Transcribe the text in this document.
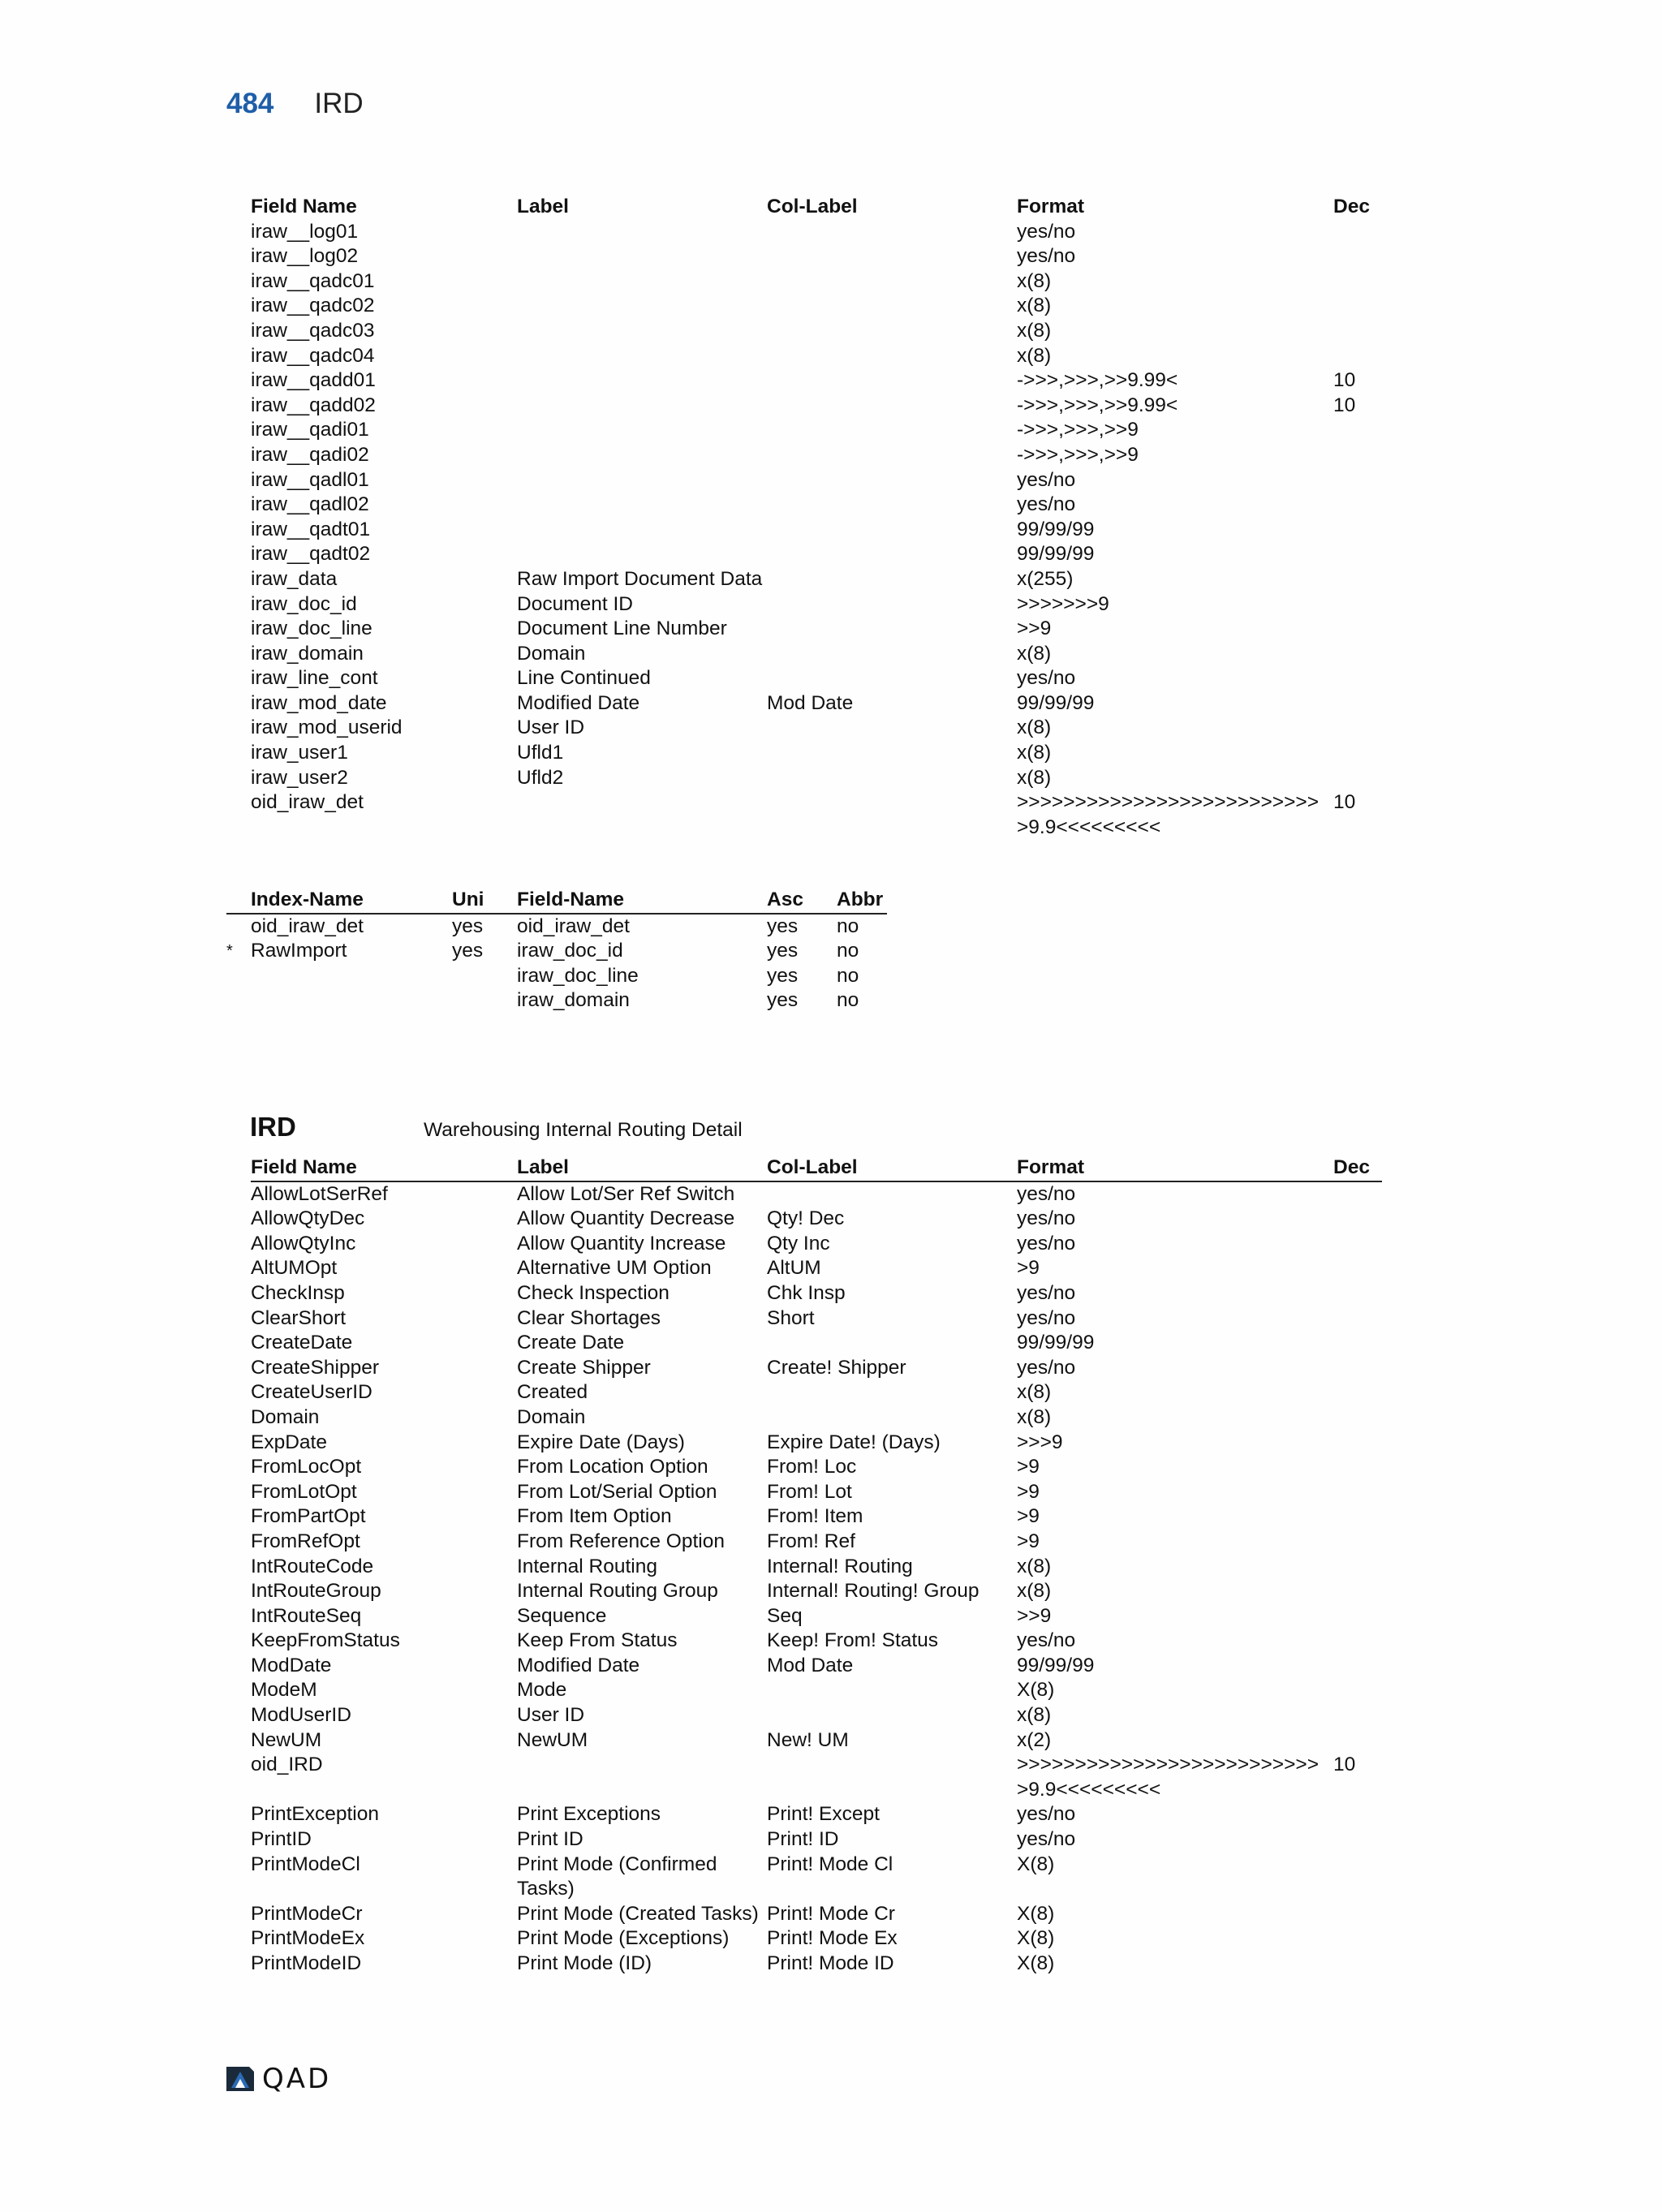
484 IRD
	Field Name	Label	Col-Label	Format	Dec
	iraw__log01			yes/no	
	iraw__log02			yes/no	
	iraw__qadc01			x(8)	
	iraw__qadc02			x(8)	
	iraw__qadc03			x(8)	
	iraw__qadc04			x(8)	
	iraw__qadd01			->>>,>>>,>>9.99<	10
	iraw__qadd02			->>>,>>>,>>9.99<	10
	iraw__qadi01			->>>,>>>,>>9	
	iraw__qadi02			->>>,>>>,>>9	
	iraw__qadl01			yes/no	
	iraw__qadl02			yes/no	
	iraw__qadt01			99/99/99	
	iraw__qadt02			99/99/99	
	iraw_data	Raw Import Document Data		x(255)	
	iraw_doc_id	Document ID		>>>>>>>9	
	iraw_doc_line	Document Line Number		>>9	
	iraw_domain	Domain		x(8)	
	iraw_line_cont	Line Continued		yes/no	
	iraw_mod_date	Modified Date	Mod Date	99/99/99	
	iraw_mod_userid	User ID		x(8)	
	iraw_user1	Ufld1		x(8)	
	iraw_user2	Ufld2		x(8)	
	oid_iraw_det			>>>>>>>>>>>>>>>>>>>>>>>>>>>9.9<<<<<<<<<	10
	Index-Name	Uni	Field-Name	Asc	Abbr
	oid_iraw_det	yes	oid_iraw_det	yes	no
*	RawImport	yes	iraw_doc_id	yes	no
			iraw_doc_line	yes	no
			iraw_domain	yes	no
IRD	Warehousing Internal Routing Detail
	Field Name	Label	Col-Label	Format	Dec
	AllowLotSerRef	Allow Lot/Ser Ref Switch		yes/no	
	AllowQtyDec	Allow Quantity Decrease	Qty! Dec	yes/no	
	AllowQtyInc	Allow Quantity Increase	Qty Inc	yes/no	
	AltUMOpt	Alternative UM Option	AltUM	>9	
	CheckInsp	Check Inspection	Chk Insp	yes/no	
	ClearShort	Clear Shortages	Short	yes/no	
	CreateDate	Create Date		99/99/99	
	CreateShipper	Create Shipper	Create! Shipper	yes/no	
	CreateUserID	Created		x(8)	
	Domain	Domain		x(8)	
	ExpDate	Expire Date (Days)	Expire Date! (Days)	>>>9	
	FromLocOpt	From Location Option	From! Loc	>9	
	FromLotOpt	From Lot/Serial Option	From! Lot	>9	
	FromPartOpt	From Item Option	From! Item	>9	
	FromRefOpt	From Reference Option	From! Ref	>9	
	IntRouteCode	Internal Routing	Internal! Routing	x(8)	
	IntRouteGroup	Internal Routing Group	Internal! Routing! Group	x(8)	
	IntRouteSeq	Sequence	Seq	>>9	
	KeepFromStatus	Keep From Status	Keep! From! Status	yes/no	
	ModDate	Modified Date	Mod Date	99/99/99	
	ModeM	Mode		X(8)	
	ModUserID	User ID		x(8)	
	NewUM	NewUM	New! UM	x(2)	
	oid_IRD			>>>>>>>>>>>>>>>>>>>>>>>>>>>9.9<<<<<<<<<	10
	PrintException	Print Exceptions	Print! Except	yes/no	
	PrintID	Print ID	Print! ID	yes/no	
	PrintModeCl	Print Mode (Confirmed Tasks)	Print! Mode Cl	X(8)	
	PrintModeCr	Print Mode (Created Tasks)	Print! Mode Cr	X(8)	
	PrintModeEx	Print Mode (Exceptions)	Print! Mode Ex	X(8)	
	PrintModeID	Print Mode (ID)	Print! Mode ID	X(8)	
QAD
